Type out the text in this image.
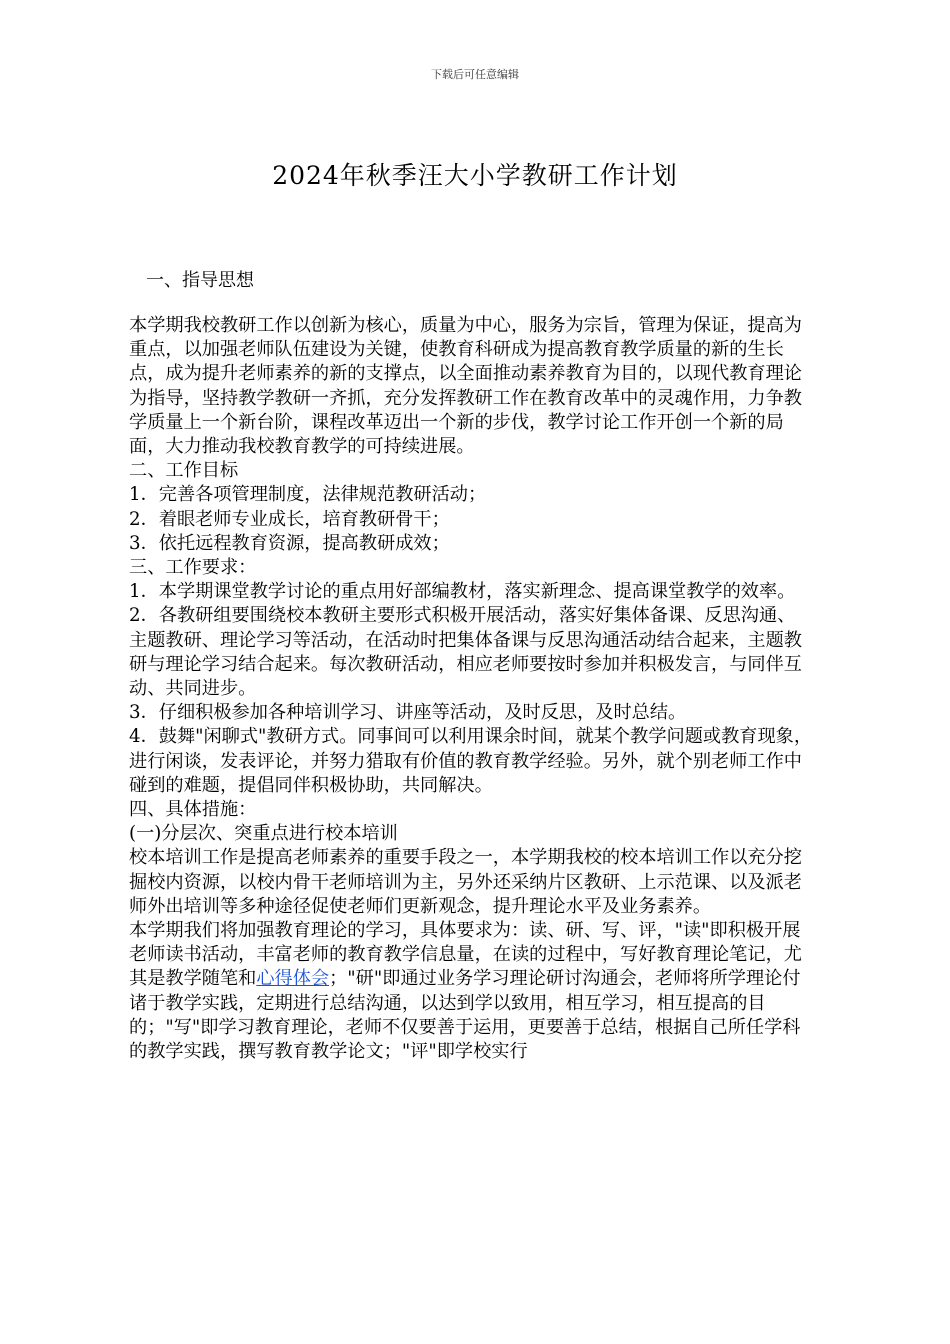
下载后可任意编辑
2024年秋季汪大小学教研工作计划
一、指导思想

本学期我校教研工作以创新为核心，质量为中心，服务为宗旨，管理为保证，提高为重点，以加强老师队伍建设为关键，使教育科研成为提高教育教学质量的新的生长点，成为提升老师素养的新的支撑点，以全面推动素养教育为目的，以现代教育理论为指导，坚持教学教研一齐抓，充分发挥教研工作在教育改革中的灵魂作用，力争教学质量上一个新台阶，课程改革迈出一个新的步伐，教学讨论工作开创一个新的局面，大力推动我校教育教学的可持续进展。

二、工作目标

1．完善各项管理制度，法律规范教研活动；

2．着眼老师专业成长，培育教研骨干；

3．依托远程教育资源，提高教研成效；

三、工作要求：

1．本学期课堂教学讨论的重点用好部编教材，落实新理念、提高课堂教学的效率。

2．各教研组要围绕校本教研主要形式积极开展活动，落实好集体备课、反思沟通、主题教研、理论学习等活动，在活动时把集体备课与反思沟通活动结合起来，主题教研与理论学习结合起来。每次教研活动，相应老师要按时参加并积极发言，与同伴互动、共同进步。

3．仔细积极参加各种培训学习、讲座等活动，及时反思，及时总结。

4．鼓舞"闲聊式"教研方式。同事间可以利用课余时间，就某个教学问题或教育现象，进行闲谈，发表评论，并努力猎取有价值的教育教学经验。另外，就个别老师工作中碰到的难题，提倡同伴积极协助，共同解决。

四、具体措施：

(一)分层次、突重点进行校本培训

校本培训工作是提高老师素养的重要手段之一，本学期我校的校本培训工作以充分挖掘校内资源，以校内骨干老师培训为主，另外还采纳片区教研、上示范课、以及派老师外出培训等多种途径促使老师们更新观念，提升理论水平及业务素养。

本学期我们将加强教育理论的学习，具体要求为：读、研、写、评，"读"即积极开展老师读书活动，丰富老师的教育教学信息量，在读的过程中，写好教育理论笔记，尤其是教学随笔和心得体会；"研"即通过业务学习理论研讨沟通会，老师将所学理论付诸于教学实践，定期进行总结沟通，以达到学以致用，相互学习，相互提高的目的；"写"即学习教育理论，老师不仅要善于运用，更要善于总结，根据自己所任学科的教学实践，撰写教育教学论文；"评"即学校实行
